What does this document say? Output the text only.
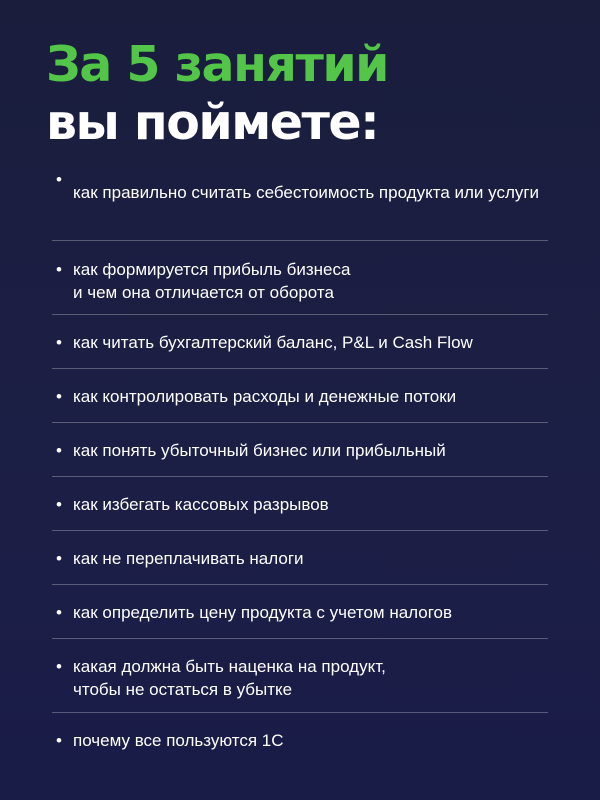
За 5 занятий
вы поймете:
•
как правильно считать себестоимость продукта или услуги
• как формируется прибыль бизнеса
и чем она отличается от оборота
• как читать бухгалтерский баланс, P&L и Cash Flow
• как контролировать расходы и денежные потоки
• как понять убыточный бизнес или прибыльный
• как избегать кассовых разрывов
• как не переплачивать налоги
• как определить цену продукта с учетом налогов
• какая должна быть наценка на продукт,
чтобы не остаться в убытке
• почему все пользуются 1С
